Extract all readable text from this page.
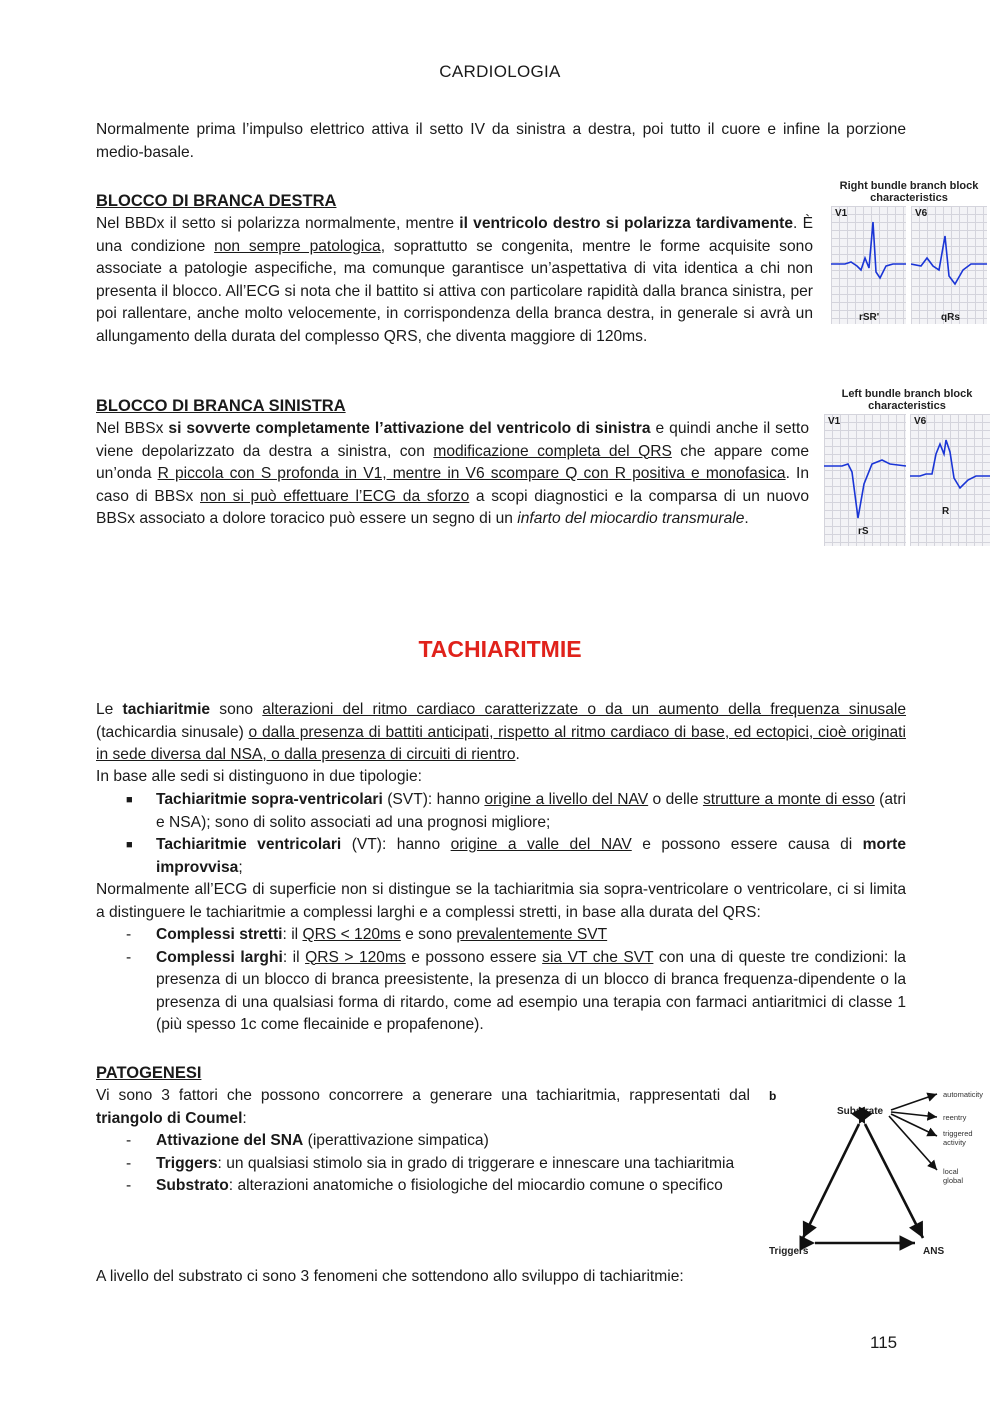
CARDIOLOGIA

Normalmente prima l’impulso elettrico attiva il setto IV da sinistra a destra, poi tutto il cuore e infine la porzione medio-basale.

BLOCCO DI BRANCA DESTRA

Nel BBDx il setto si polarizza normalmente, mentre il ventricolo destro si polarizza tardivamente. È una condizione non sempre patologica, soprattutto se congenita, mentre le forme acquisite sono associate a patologie aspecifiche, ma comunque garantisce un’aspettativa di vita identica a chi non presenta il blocco. All’ECG si nota che il battito si attiva con particolare rapidità dalla branca sinistra, per poi rallentare, anche molto velocemente, in corrispondenza della branca destra, in generale si avrà un allungamento della durata del complesso QRS, che diventa maggiore di 120ms.

Right bundle branch block
characteristics
V1
rSR'
V6
qRs
BLOCCO DI BRANCA SINISTRA

Nel BBSx si sovverte completamente l’attivazione del ventricolo di sinistra e quindi anche il setto viene depolarizzato da destra a sinistra, con modificazione completa del QRS che appare come un’onda R piccola con S profonda in V1, mentre in V6 scompare Q con R positiva e monofasica. In caso di BBSx non si può effettuare l’ECG da sforzo a scopi diagnostici e la comparsa di un nuovo BBSx associato a dolore toracico può essere un segno di un infarto del miocardio transmurale.

Left bundle branch block
characteristics
V1
rS
V6
R
TACHIARITMIE

Le tachiaritmie sono alterazioni del ritmo cardiaco caratterizzate o da un aumento della frequenza sinusale (tachicardia sinusale) o dalla presenza di battiti anticipati, rispetto al ritmo cardiaco di base, ed ectopici, cioè originati in sede diversa dal NSA, o dalla presenza di circuiti di rientro.

In base alle sedi si distinguono in due tipologie:

■ Tachiaritmie sopra-ventricolari (SVT): hanno origine a livello del NAV o delle strutture a monte di esso (atri e NSA); sono di solito associati ad una prognosi migliore;
■ Tachiaritmie ventricolari (VT): hanno origine a valle del NAV e possono essere causa di morte improvvisa;

Normalmente all’ECG di superficie non si distingue se la tachiaritmia sia sopra-ventricolare o ventricolare, ci si limita a distinguere le tachiaritmie a complessi larghi e a complessi stretti, in base alla durata del QRS:

- Complessi stretti: il QRS < 120ms e sono prevalentemente SVT
- Complessi larghi: il QRS > 120ms e possono essere sia VT che SVT con una di queste tre condizioni: la presenza di un blocco di branca preesistente, la presenza di un blocco di branca frequenza-dipendente o la presenza di una qualsiasi forma di ritardo, come ad esempio una terapia con farmaci antiaritmici di classe 1 (più spesso 1c come flecainide e propafenone).
PATOGENESI

Vi sono 3 fattori che possono concorrere a generare una tachiaritmia, rappresentati dal triangolo di Coumel:

- Attivazione del SNA (iperattivazione simpatica)
- Triggers: un qualsiasi stimolo sia in grado di triggerare e innescare una tachiaritmia
- Substrato: alterazioni anatomiche o fisiologiche del miocardio comune o specifico
b
Substrate
Triggers	ANS
automaticity
reentry
triggered
activity
local
global

A livello del substrato ci sono 3 fenomeni che sottendono allo sviluppo di tachiaritmie:

115
